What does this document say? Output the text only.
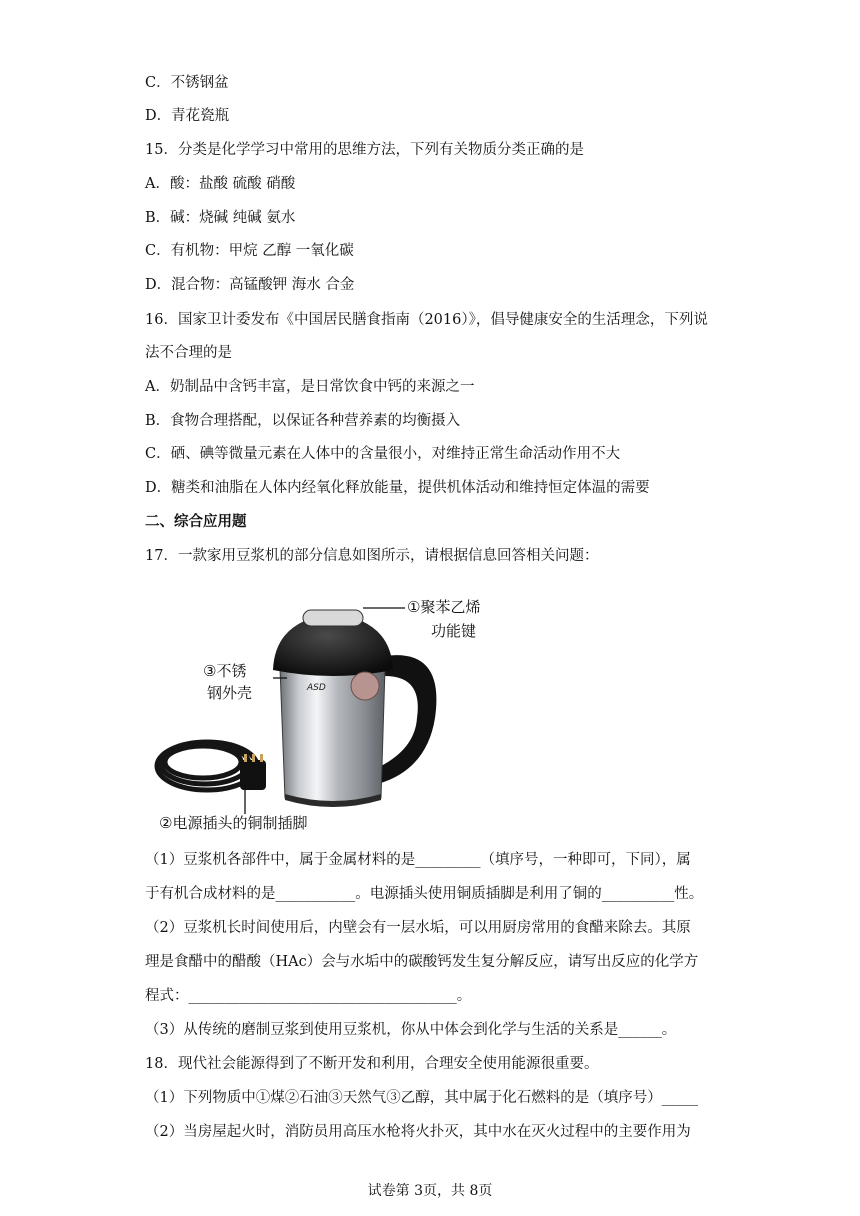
C．不锈钢盆
D．青花瓷瓶
15．分类是化学学习中常用的思维方法，下列有关物质分类正确的是
A．酸：盐酸 硫酸 硝酸
B．碱：烧碱 纯碱 氨水
C．有机物：甲烷 乙醇 一氧化碳
D．混合物：高锰酸钾 海水 合金
16．国家卫计委发布《中国居民膳食指南（2016）》，倡导健康安全的生活理念，下列说
法不合理的是
A．奶制品中含钙丰富，是日常饮食中钙的来源之一
B．食物合理搭配，以保证各种营养素的均衡摄入
C．硒、碘等微量元素在人体中的含量很小，对维持正常生命活动作用不大
D．糖类和油脂在人体内经氧化释放能量，提供机体活动和维持恒定体温的需要
二、综合应用题
17．一款家用豆浆机的部分信息如图所示，请根据信息回答相关问题：
ASD
①聚苯乙烯
功能键
③不锈
钢外壳
②电源插头的铜制插脚
（1）豆浆机各部件中，属于金属材料的是_________（填序号，一种即可，下同），属
于有机合成材料的是___________。电源插头使用铜质插脚是利用了铜的__________性。
（2）豆浆机长时间使用后，内壁会有一层水垢，可以用厨房常用的食醋来除去。其原
理是食醋中的醋酸（HAc）会与水垢中的碳酸钙发生复分解反应，请写出反应的化学方
程式：_____________________________________。
（3）从传统的磨制豆浆到使用豆浆机，你从中体会到化学与生活的关系是______。
18．现代社会能源得到了不断开发和利用，合理安全使用能源很重要。
（1）下列物质中①煤②石油③天然气③乙醇，其中属于化石燃料的是（填序号）_____
（2）当房屋起火时，消防员用高压水枪将火扑灭，其中水在灭火过程中的主要作用为
试卷第 3页，共 8页
